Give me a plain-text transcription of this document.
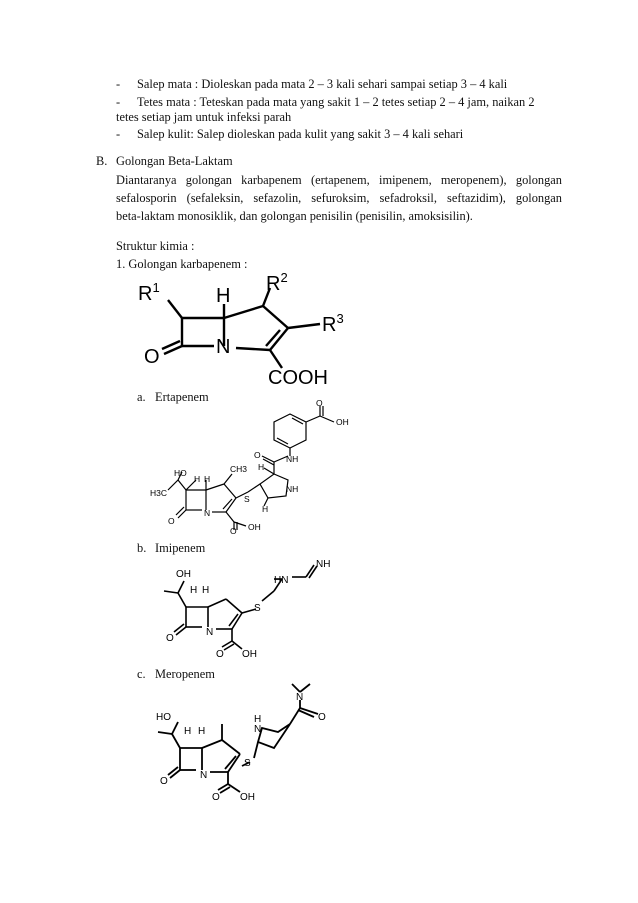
-	Salep mata : Dioleskan pada mata 2 – 3 kali sehari sampai setiap 3 – 4 kali
-	Tetes mata : Teteskan pada mata yang sakit 1 – 2 tetes setiap 2 – 4 jam, naikan 2
tetes setiap jam untuk infeksi parah
-	Salep kulit: Salep dioleskan pada kulit yang sakit 3 – 4 kali sehari
B. Golongan Beta-Laktam
Diantaranya golongan karbapenem (ertapenem, imipenem, meropenem), golongan
sefalosporin (sefaleksin, sefazolin, sefuroksim, sefadroksil, seftazidim), golongan
beta-laktam monosiklik, dan golongan penisilin (penisilin, amoksisilin).
Struktur kimia :
1. Golongan karbapenem :
$R^1$	H
$R^2$
$R^3$
O	N
COOH
a. Ertapenem	O
OH
NH
O
H
NH
S
H
HO
H3C
H H
CH3
N
O
O OH
b. Imipenem
OH
H H
NH
HN
S
N
O
O OH
c. Meropenem
N
O
N
H
HO
H H
S
N
O
O OH
